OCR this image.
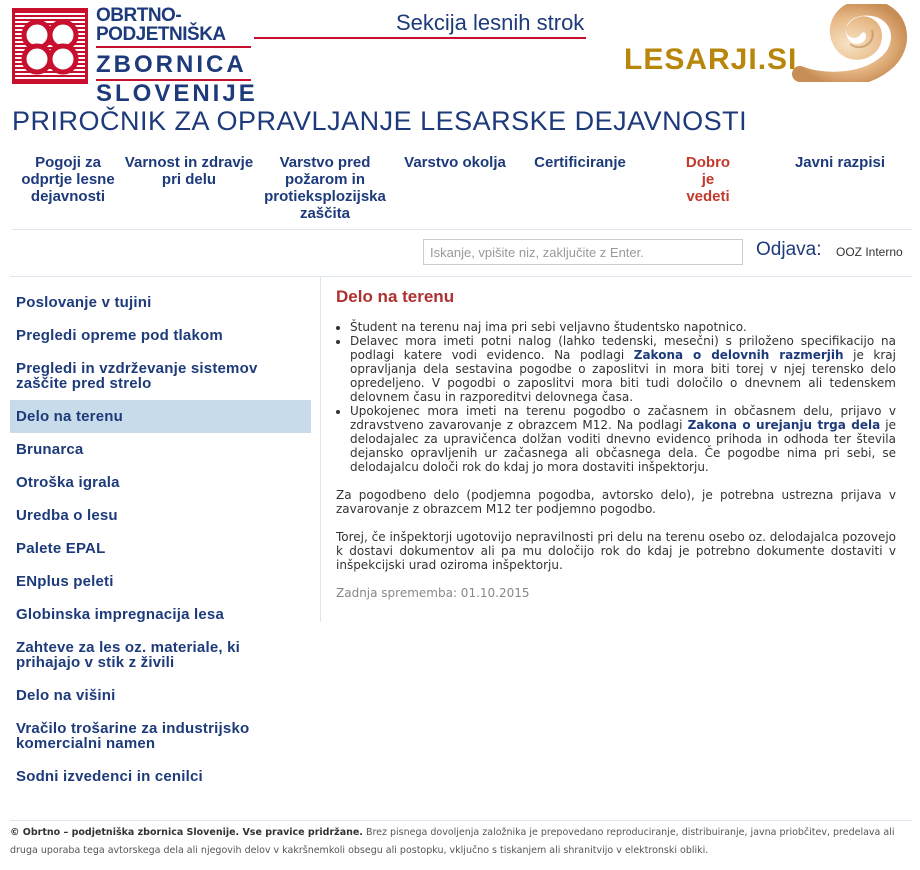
OBRTNO-PODJETNIŠKA
ZBORNICA
SLOVENIJE
Sekcija lesnih strok
LESARJI.SI
PRIROČNIK ZA OPRAVLJANJE LESARSKE DEJAVNOSTI
Pogoji za odprtje lesne dejavnosti
Varnost in zdravje pri delu
Varstvo pred požarom in protieksplozijska zaščita
Varstvo okolja	Certificiranje	Dobro je vedeti
Javni razpisi
Iskanje, vpišite niz, zaključite z Enter.
Odjava: OOZ Interno
Poslovanje v tujini
Pregledi opreme pod tlakom
Pregledi in vzdrževanje sistemov zaščite pred strelo
Delo na terenu
Brunarca
Otroška igrala
Uredba o lesu
Palete EPAL
ENplus peleti
Globinska impregnacija lesa
Zahteve za les oz. materiale, ki prihajajo v stik z živili
Delo na višini
Vračilo trošarine za industrijsko komercialni namen
Sodni izvedenci in cenilci
Delo na terenu
• Študent na terenu naj ima pri sebi veljavno študentsko napotnico.
• Delavec mora imeti potni nalog (lahko tedenski, mesečni) s priloženo specifikacijo na podlagi katere vodi evidenco. Na podlagi Zakona o delovnih razmerjih je kraj opravljanja dela sestavina pogodbe o zaposlitvi in mora biti torej v njej terensko delo opredeljeno. V pogodbi o zaposlitvi mora biti tudi določilo o dnevnem ali tedenskem delovnem času in razporeditvi delovnega časa.
• Upokojenec mora imeti na terenu pogodbo o začasnem in občasnem delu, prijavo v zdravstveno zavarovanje z obrazcem M12. Na podlagi Zakona o urejanju trga dela je delodajalec za upravičenca dolžan voditi dnevno evidenco prihoda in odhoda ter števila dejansko opravljenih ur začasnega ali občasnega dela. Če pogodbe nima pri sebi, se delodajalcu določi rok do kdaj jo mora dostaviti inšpektorju.

Za pogodbeno delo (podjemna pogodba, avtorsko delo), je potrebna ustrezna prijava v zavarovanje z obrazcem M12 ter podjemno pogodbo.

Torej, če inšpektorji ugotovijo nepravilnosti pri delu na terenu osebo oz. delodajalca pozovejo k dostavi dokumentov ali pa mu določijo rok do kdaj je potrebno dokumente dostaviti v inšpekcijski urad oziroma inšpektorju.

Zadnja sprememba: 01.10.2015

© Obrtno – podjetniška zbornica Slovenije. Vse pravice pridržane. Brez pisnega dovoljenja založnika je prepovedano reproduciranje, distribuiranje, javna priobčitev, predelava ali druga uporaba tega avtorskega dela ali njegovih delov v kakršnemkoli obsegu ali postopku, vključno s tiskanjem ali shranitvijo v elektronski obliki.
